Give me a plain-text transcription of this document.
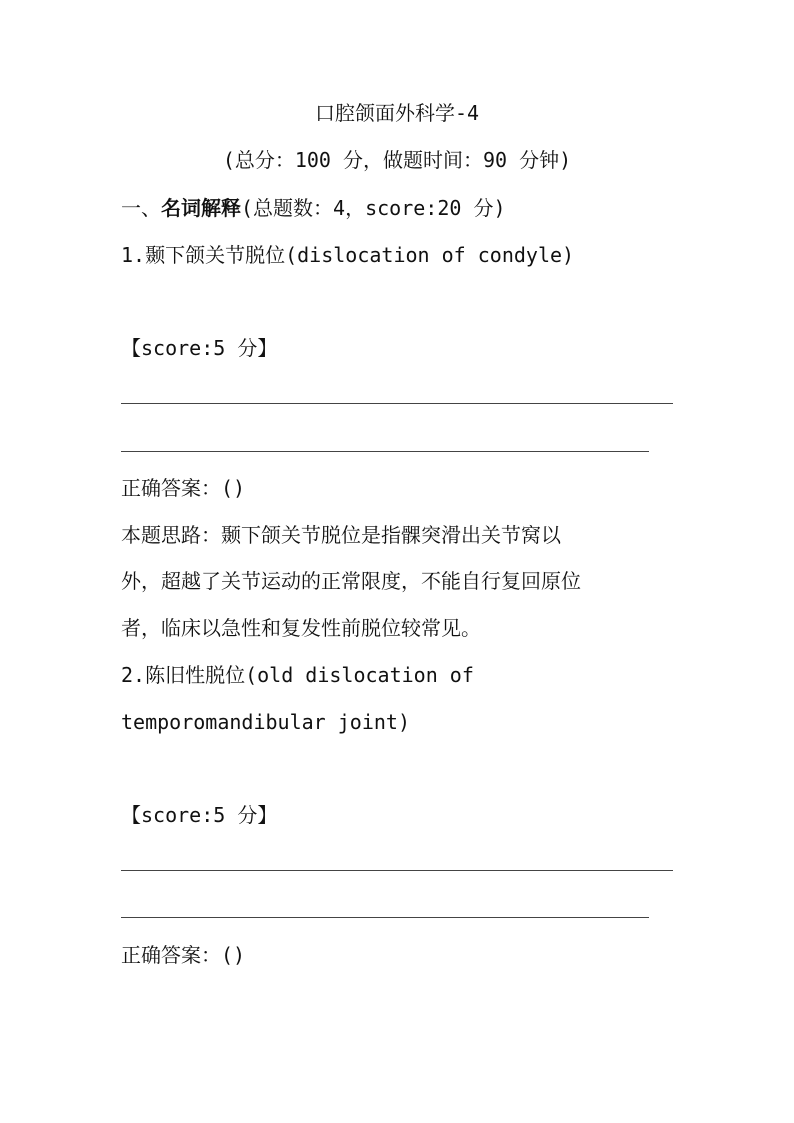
口腔颌面外科学-4
(总分：100 分，做题时间：90 分钟)
一、名词解释(总题数：4，score:20 分)
1.颞下颌关节脱位(dislocation of condyle)
【score:5 分】
正确答案：()
本题思路：颞下颌关节脱位是指髁突滑出关节窝以
外，超越了关节运动的正常限度，不能自行复回原位
者，临床以急性和复发性前脱位较常见。
2.陈旧性脱位(old dislocation of
temporomandibular joint)
【score:5 分】
正确答案：()
